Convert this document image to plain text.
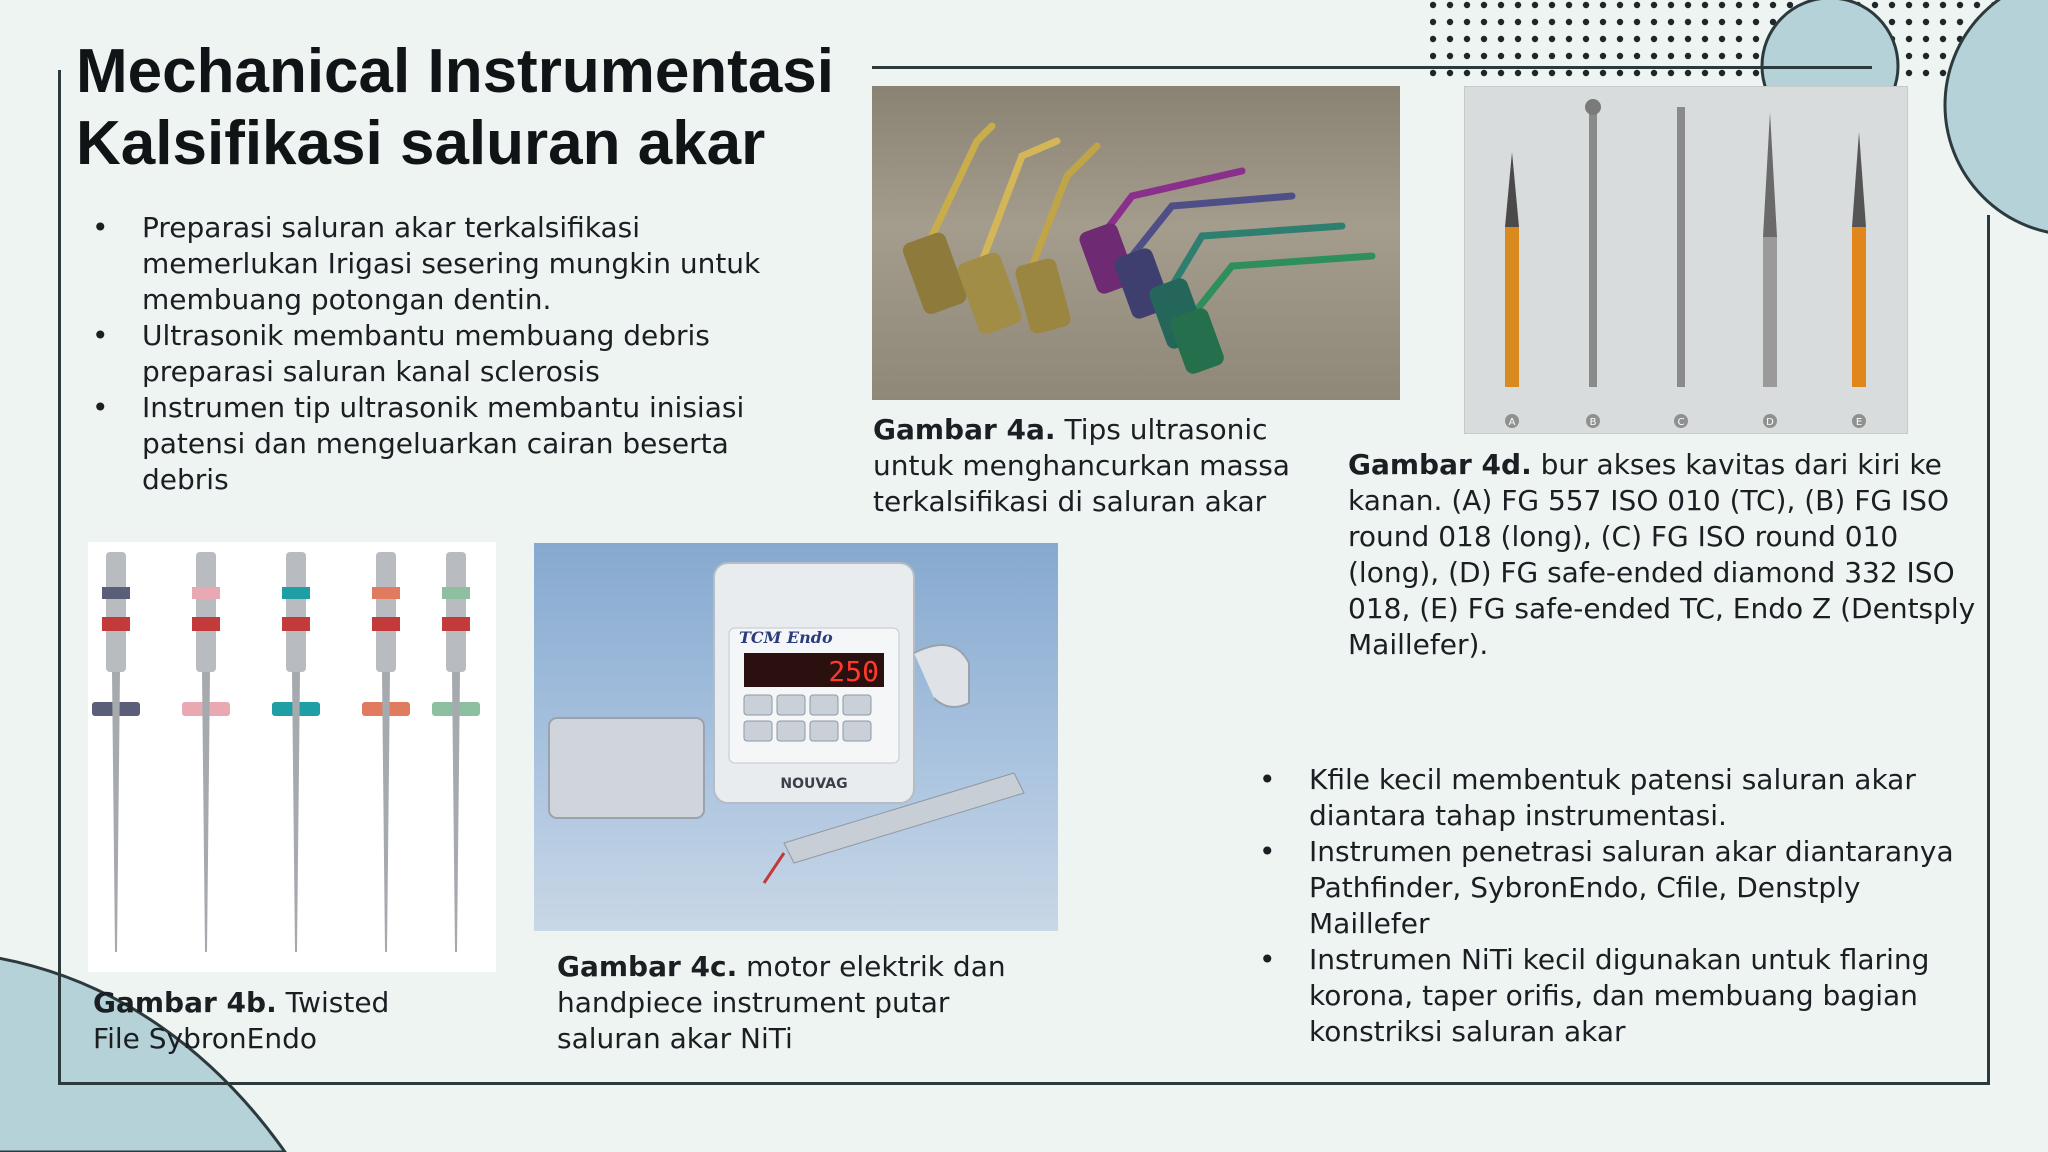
Mechanical Instrumentasi
Kalsifikasi saluran akar
• Preparasi saluran akar terkalsifikasi memerlukan Irigasi sesering mungkin untuk membuang potongan dentin.
• Ultrasonik membantu membuang debris preparasi saluran kanal sclerosis
• Instrumen tip ultrasonik membantu inisiasi patensi dan mengeluarkan cairan beserta debris
Gambar 4a. Tips ultrasonic untuk menghancurkan massa terkalsifikasi di saluran akar
A	B	C	D	E
Gambar 4d. bur akses kavitas dari kiri ke kanan. (A) FG 557 ISO 010 (TC), (B) FG ISO round 018 (long), (C) FG ISO round 010 (long), (D) FG safe-ended diamond 332 ISO 018, (E) FG safe-ended TC, Endo Z (Dentsply Maillefer).
Gambar 4b. Twisted File SybronEndo
TCM Endo
250
NOUVAG
Gambar 4c. motor elektrik dan handpiece instrument putar saluran akar NiTi
• Kfile kecil membentuk patensi saluran akar diantara tahap instrumentasi.
• Instrumen penetrasi saluran akar diantaranya Pathfinder, SybronEndo, Cfile, Denstply Maillefer
• Instrumen NiTi kecil digunakan untuk flaring korona, taper orifis, dan membuang bagian konstriksi saluran akar
